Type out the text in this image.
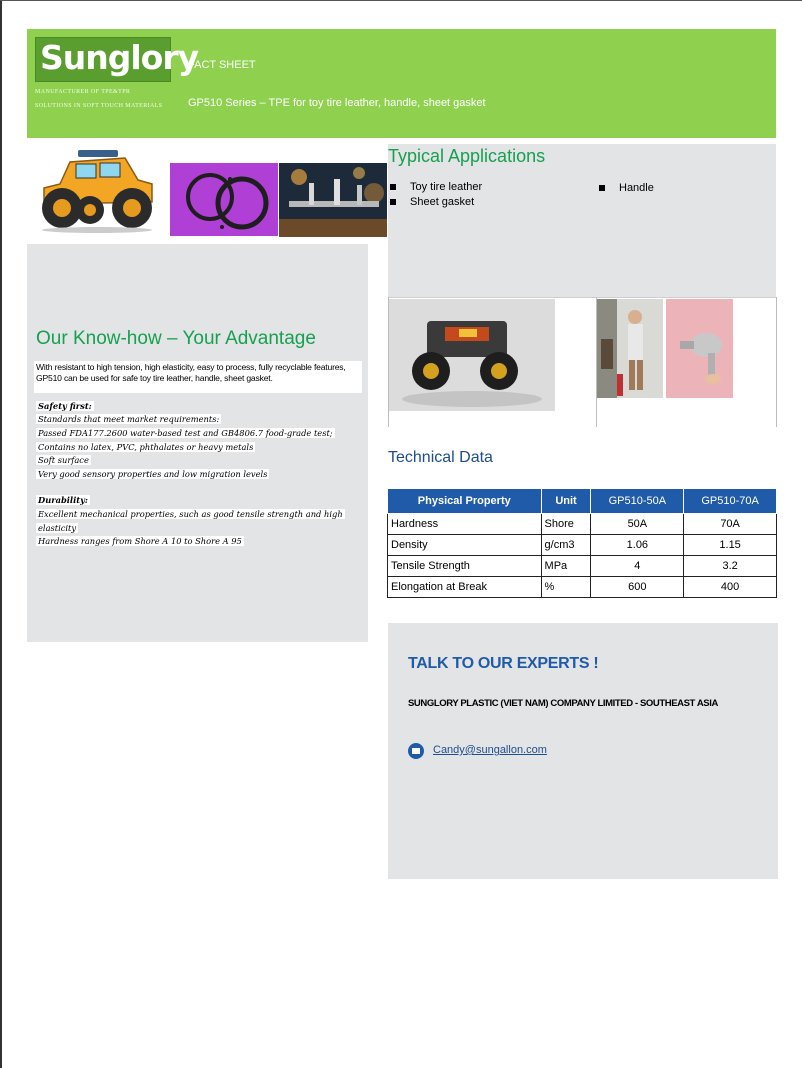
Sunglory
MANUFACTURER OF TPE&TPR
SOLUTIONS IN SOFT TOUCH MATERIALS
FACT SHEET
GP510 Series – TPE for toy tire leather, handle, sheet gasket
Typical Applications
Toy tire leather
Sheet gasket
Handle
Our Know-how – Your Advantage
With resistant to high tension, high elasticity, easy to process, fully recyclable features, GP510 can be used for safe toy tire leather, handle, sheet gasket.
Safety first:
Standards that meet market requirements:
Passed FDA177.2600 water-based test and GB4806.7 food-grade test;
Contains no latex, PVC, phthalates or heavy metals
Soft surface
Very good sensory properties and low migration levels
Durability:
Excellent mechanical properties, such as good tensile strength and high
elasticity
Hardness ranges from Shore A 10 to Shore A 95
Technical Data
Physical Property	Unit	GP510-50A	GP510-70A
Hardness	Shore	50A	70A
Density	g/cm3	1.06	1.15
Tensile Strength	MPa	4	3.2
Elongation at Break	%	600	400
TALK TO OUR EXPERTS !
SUNGLORY PLASTIC (VIET NAM) COMPANY LIMITED - SOUTHEAST ASIA
Candy@sungallon.com
